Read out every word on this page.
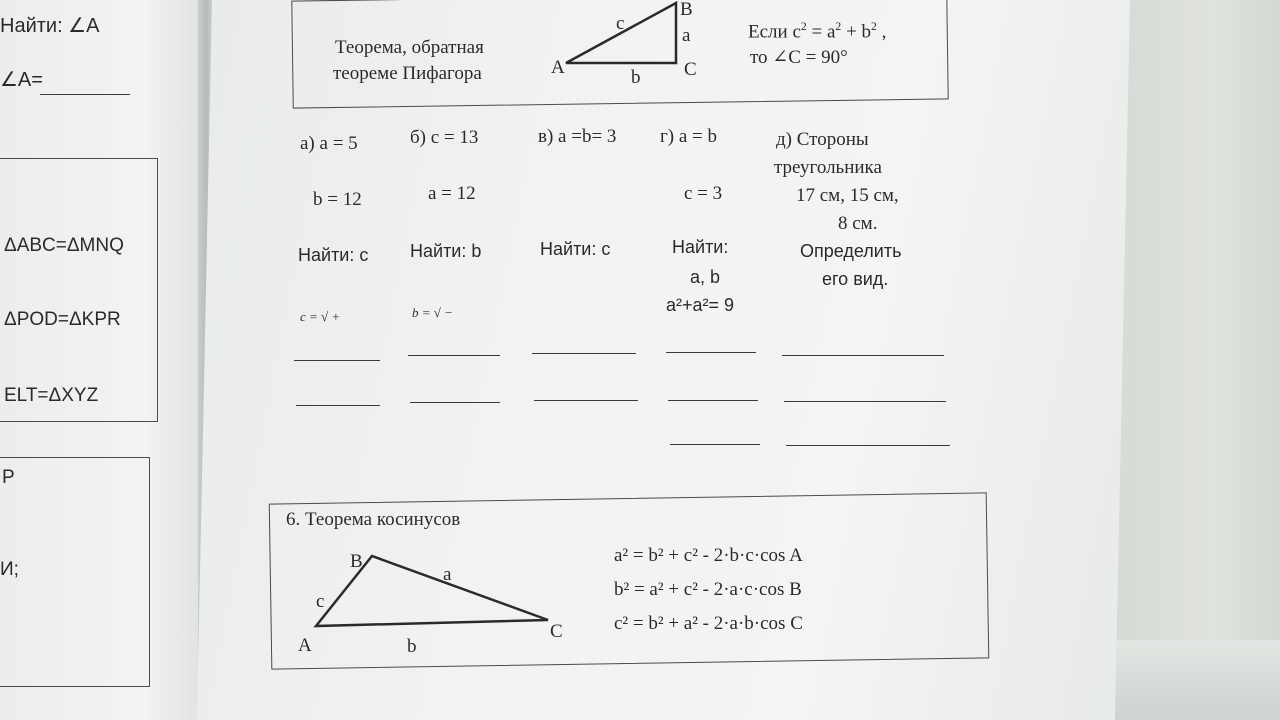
Найти: ∠A
∠A=
ΔABC=ΔMNQ
ΔPOD=ΔKPR
ELT=ΔXYZ
P
И;
Теорема, обратная
теореме Пифагора	A
B
C
c
a
b
Если $c^2 = a^2 + b^2$ ,
то ∠C = 90°
а) a = 5
b = 12
Найти: c
c = √ +
б) c = 13
a = 12
Найти: b
b = √ −
в) a =b= 3
Найти: c
г) a = b
c = 3
Найти:
a, b
a²+a²= 9
д) Стороны
треугольника
17 см, 15 см,
8 см.
Определить
его вид.
6. Теорема косинусов
B
A
C
c
a
b
a² = b² + c² - 2·b·c·cos A
b² = a² + c² - 2·a·c·cos B
c² = b² + a² - 2·a·b·cos C
